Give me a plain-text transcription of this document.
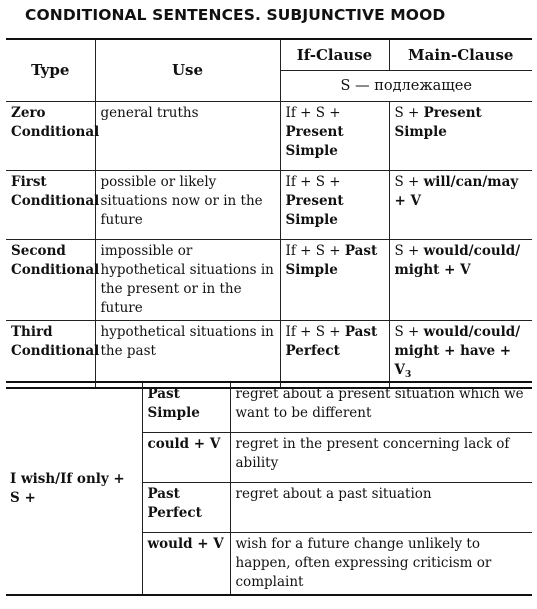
CONDITIONAL SENTENCES. SUBJUNCTIVE MOOD
Type	Use	If-Clause	Main-Clause
		S — подлежащее	
Zero Conditional	general truths	If + S + Present Simple	S + Present Simple
First Conditional	possible or likely situations now or in the future	If + S + Present Simple	S + will/can/may + V
Second Conditional	impossible or hypothetical situations in the present or in the future	If + S + Past Simple	S + would/could/ might + V
Third Conditional	hypothetical situations in the past	If + S + Past Perfect	S + would/could/ might + have + $V_3$
I wish/If only + S +	Past Simple	regret about a present situation which we want to be different
	could + V	regret in the present concerning lack of ability
	Past Perfect	regret about a past situation
	would + V	wish for a future change unlikely to happen, often expressing criticism or complaint
